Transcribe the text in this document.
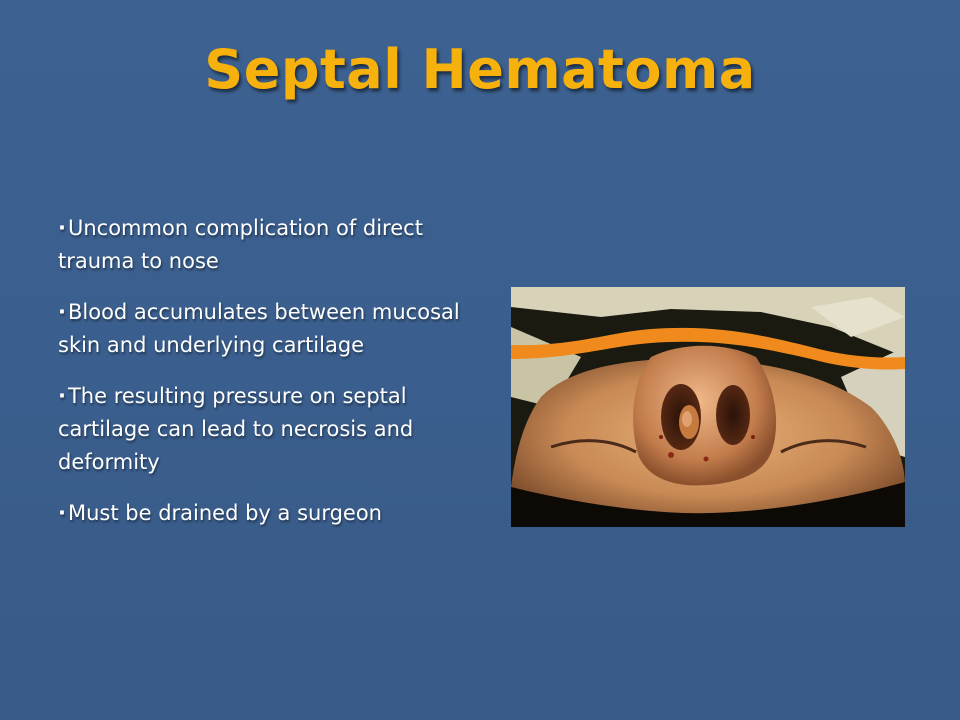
Septal Hematoma
·Uncommon complication of direct trauma to nose
·Blood accumulates between mucosal skin and underlying cartilage
·The resulting pressure on septal cartilage can lead to necrosis and deformity
·Must be drained by a surgeon
